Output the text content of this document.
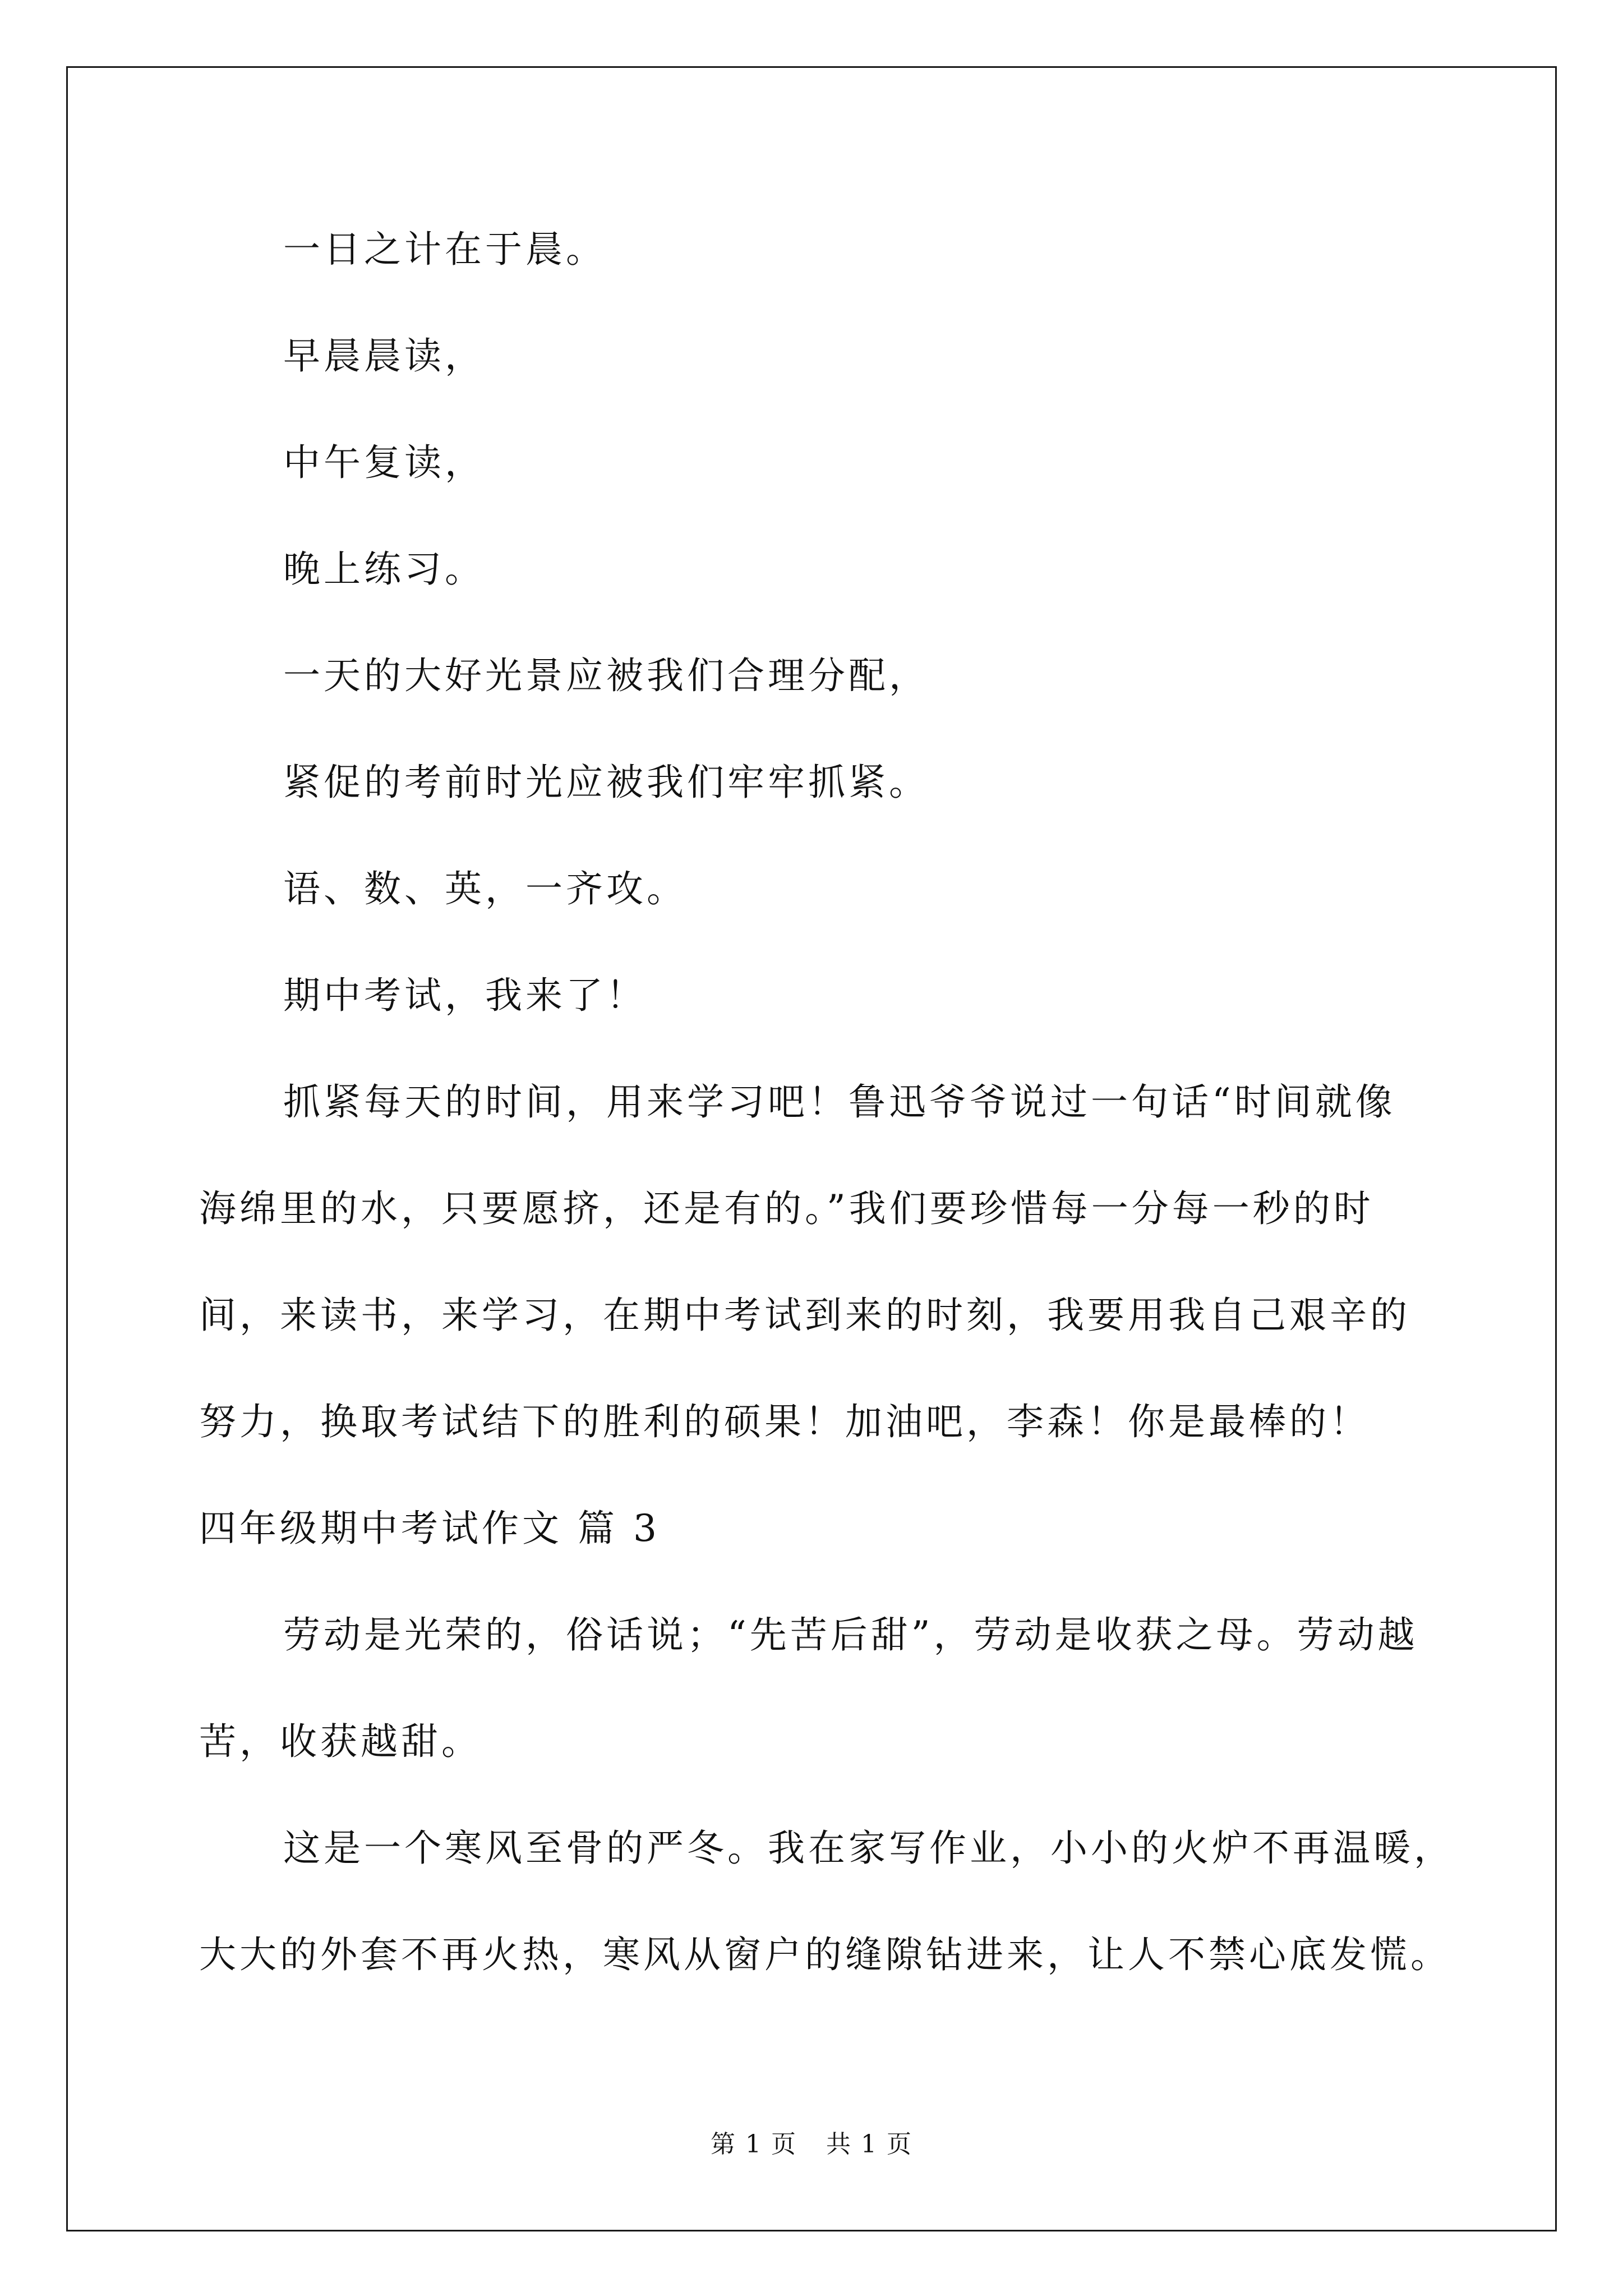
一日之计在于晨。
早晨晨读，
中午复读，
晚上练习。
一天的大好光景应被我们合理分配，
紧促的考前时光应被我们牢牢抓紧。
语、数、英，一齐攻。
期中考试，我来了！
抓紧每天的时间，用来学习吧！鲁迅爷爷说过一句话“时间就像
海绵里的水，只要愿挤，还是有的。”我们要珍惜每一分每一秒的时
间，来读书，来学习，在期中考试到来的时刻，我要用我自己艰辛的
努力，换取考试结下的胜利的硕果！加油吧，李森！你是最棒的！
四年级期中考试作文 篇 3
劳动是光荣的，俗话说；“先苦后甜”，劳动是收获之母。劳动越
苦，收获越甜。
这是一个寒风至骨的严冬。我在家写作业，小小的火炉不再温暖，
大大的外套不再火热，寒风从窗户的缝隙钻进来，让人不禁心底发慌。
第 1 页 共 1 页
